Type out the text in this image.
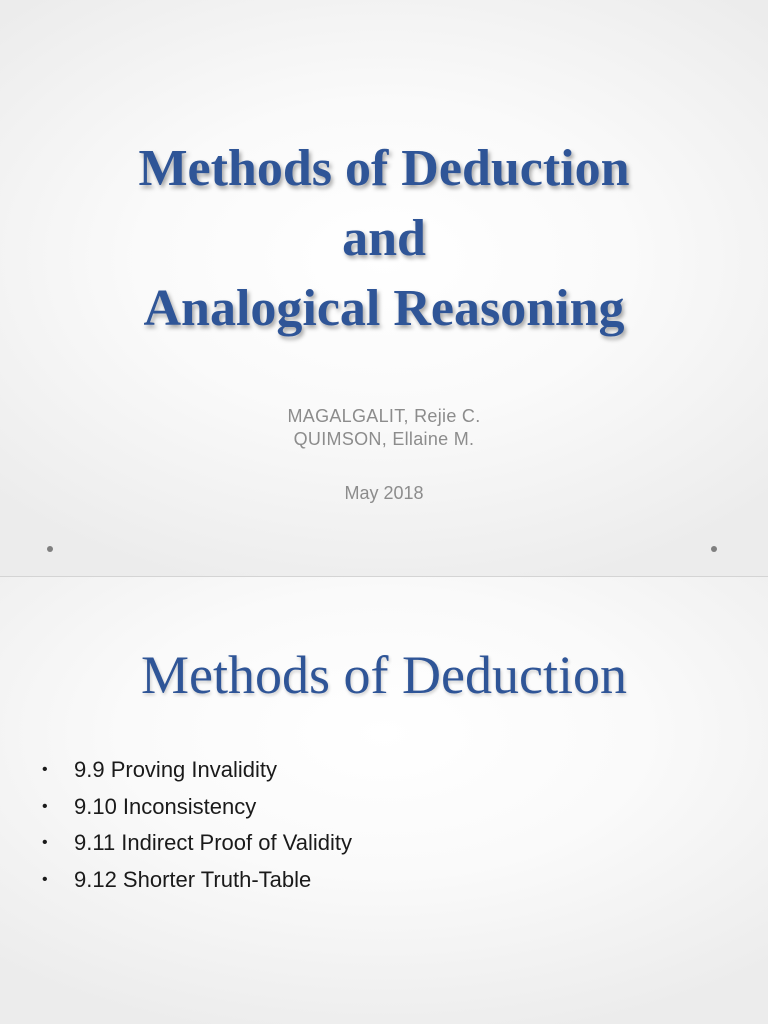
Methods of Deduction
and
Analogical Reasoning
MAGALGALIT, Rejie C.
QUIMSON, Ellaine M.
May 2018
Methods of Deduction
• 9.9 Proving Invalidity
• 9.10 Inconsistency
• 9.11 Indirect Proof of Validity
• 9.12 Shorter Truth-Table
